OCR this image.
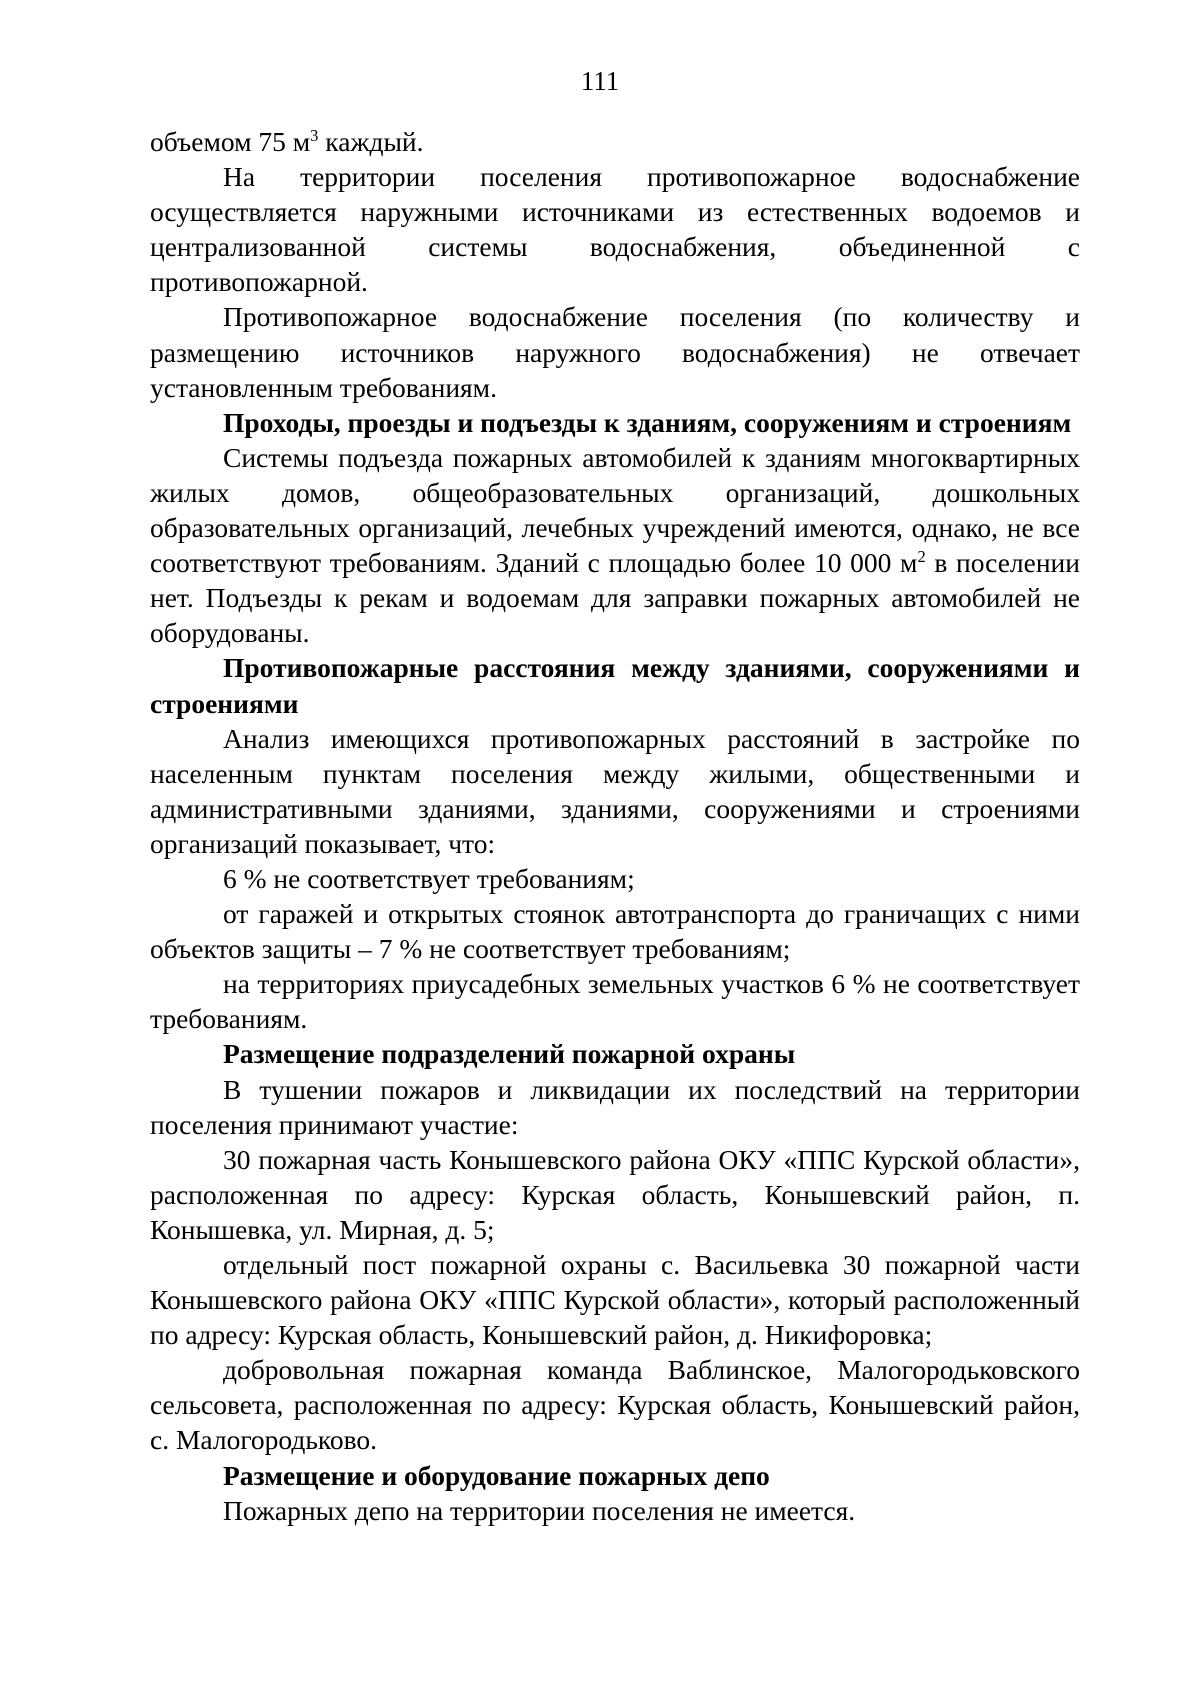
111

объемом 75 $м^3$ каждый.

На территории поселения противопожарное водоснабжение осуществляется наружными источниками из естественных водоемов и централизованной системы водоснабжения, объединенной с противопожарной.

Противопожарное водоснабжение поселения (по количеству и размещению источников наружного водоснабжения) не отвечает установленным требованиям.

Проходы, проезды и подъезды к зданиям, сооружениям и строениям

Системы подъезда пожарных автомобилей к зданиям многоквартирных жилых домов, общеобразовательных организаций, дошкольных образовательных организаций, лечебных учреждений имеются, однако, не все соответствуют требованиям. Зданий с площадью более 10 000 $м^2$ в поселении нет. Подъезды к рекам и водоемам для заправки пожарных автомобилей не оборудованы.

Противопожарные расстояния между зданиями, сооружениями и строениями

Анализ имеющихся противопожарных расстояний в застройке по населенным пунктам поселения между жилыми, общественными и административными зданиями, зданиями, сооружениями и строениями организаций показывает, что:

6 % не соответствует требованиям;

от гаражей и открытых стоянок автотранспорта до граничащих с ними объектов защиты – 7 % не соответствует требованиям;

на территориях приусадебных земельных участков 6 % не соответствует требованиям.

Размещение подразделений пожарной охраны

В тушении пожаров и ликвидации их последствий на территории поселения принимают участие:

30 пожарная часть Конышевского района ОКУ «ППС Курской области», расположенная по адресу: Курская область, Конышевский район, п. Конышевка, ул. Мирная, д. 5;

отдельный пост пожарной охраны с. Васильевка 30 пожарной части Конышевского района ОКУ «ППС Курской области», который расположенный по адресу: Курская область, Конышевский район, д. Никифоровка;

добровольная пожарная команда Ваблинское, Малогородьковского сельсовета, расположенная по адресу: Курская область, Конышевский район, с. Малогородьково.

Размещение и оборудование пожарных депо

Пожарных депо на территории поселения не имеется.
